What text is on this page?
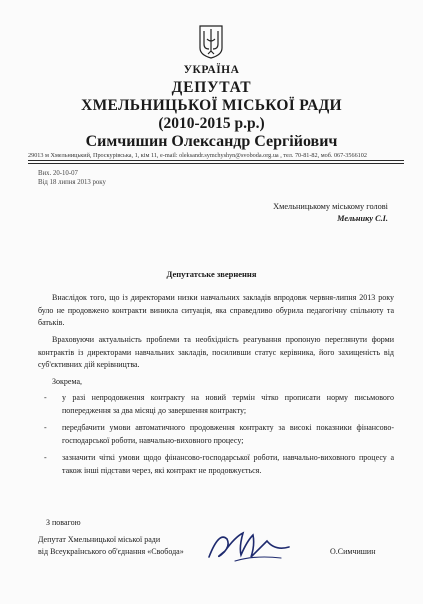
УКРАЇНА
ДЕПУТАТ
ХМЕЛЬНИЦЬКОЇ МІСЬКОЇ РАДИ
(2010-2015 р.р.)
Симчишин Олександр Сергійович
29013 м Хмельницький, Проскурівська, 1, кім 11, e-mail: oleksandr.symchyshyn@svoboda.org.ua , тел. 70-81-82, моб. 067-3566102
Вих. 20-10-07
Від 18 липня 2013 року
Хмельницькому міському голові
Мельнику С.І.
Депутатське звернення
Внаслідок того, що із директорами низки навчальних закладів впродовж червня-липня 2013 року було не продовжено контракти виникла ситуація, яка справедливо обурила педагогічну спільноту та батьків.
Враховуючи актуальність проблеми та необхідність реагування пропоную переглянути форми контрактів із директорами навчальних закладів, посиливши статус керівника, його захищеність від суб'єктивних дій керівництва.
Зокрема,
- у разі непродовження контракту на новий термін чітко прописати норму письмового попередження за два місяці до завершення контракту;
- передбачити умови автоматичного продовження контракту за високі показники фінансово-господарської роботи, навчально-виховного процесу;
- зазначити чіткі умови щодо фінансово-господарської роботи, навчально-виховного процесу а також інші підстави через, які контракт не продовжується.
З повагою
Депутат Хмельницької міської ради
від Всеукраїнського об'єднання «Свобода»	О.Симчишин
